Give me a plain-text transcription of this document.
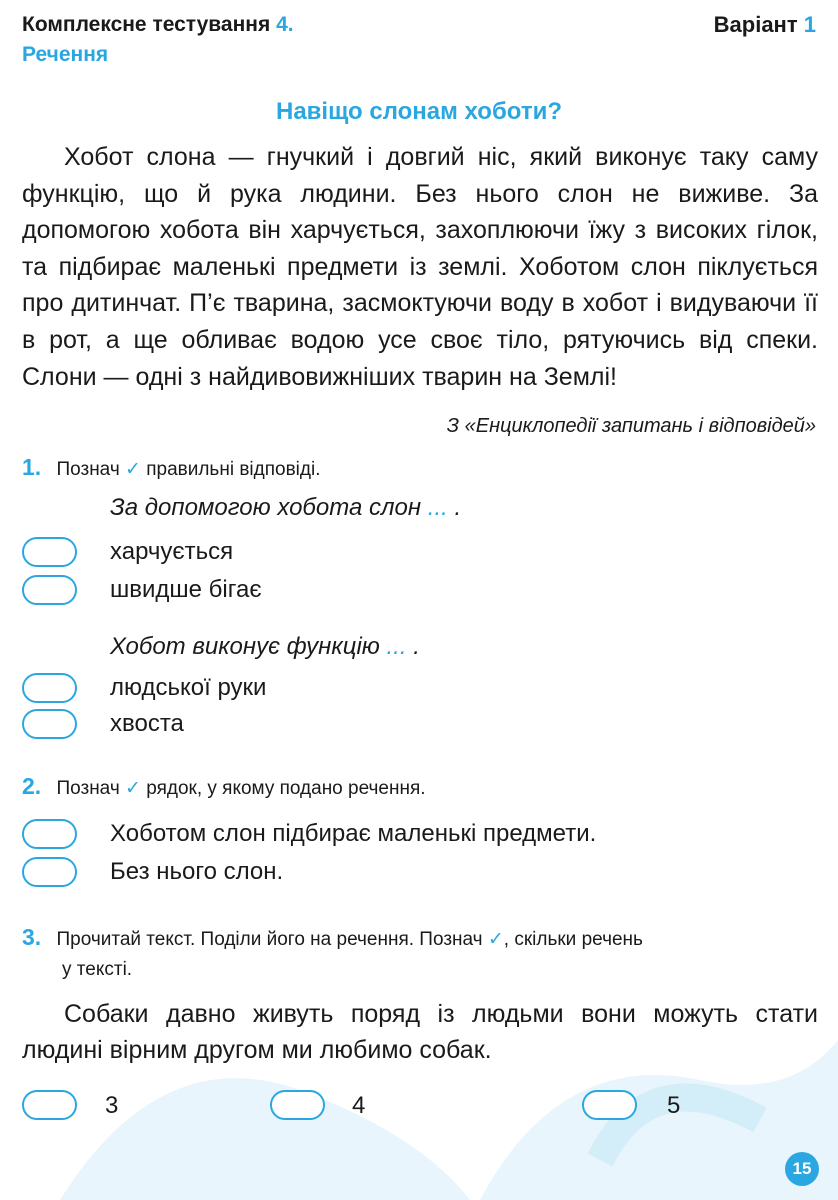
Комплексне тестування 4.
Речення
Варіант 1
Навіщо слонам хоботи?

Хобот слона — гнучкий і довгий ніс, який виконує таку саму функцію, що й рука людини. Без нього слон не виживе. За допомогою хобота він харчується, захоплюючи їжу з високих гілок, та підбирає маленькі предмети із землі. Хоботом слон піклується про дитинчат. П’є тварина, засмоктуючи воду в хобот і видуваючи її в рот, а ще обливає водою усе своє тіло, рятуючись від спеки. Слони — одні з найдивовижніших тварин на Землі!

З «Енциклопедії запитань і відповідей»
1. Познач ✓ правильні відповіді.
За допомогою хобота слон ... .
харчується
швидше бігає
Хобот виконує функцію ... .
людської руки
хвоста
2. Познач ✓ рядок, у якому подано речення.
Хоботом слон підбирає маленькі предмети.
Без нього слон.
3. Прочитай текст. Поділи його на речення. Познач ✓, скільки речень
у тексті.

Собаки давно живуть поряд із людьми вони можуть стати людині вірним другом ми любимо собак.

3	4	5
15
